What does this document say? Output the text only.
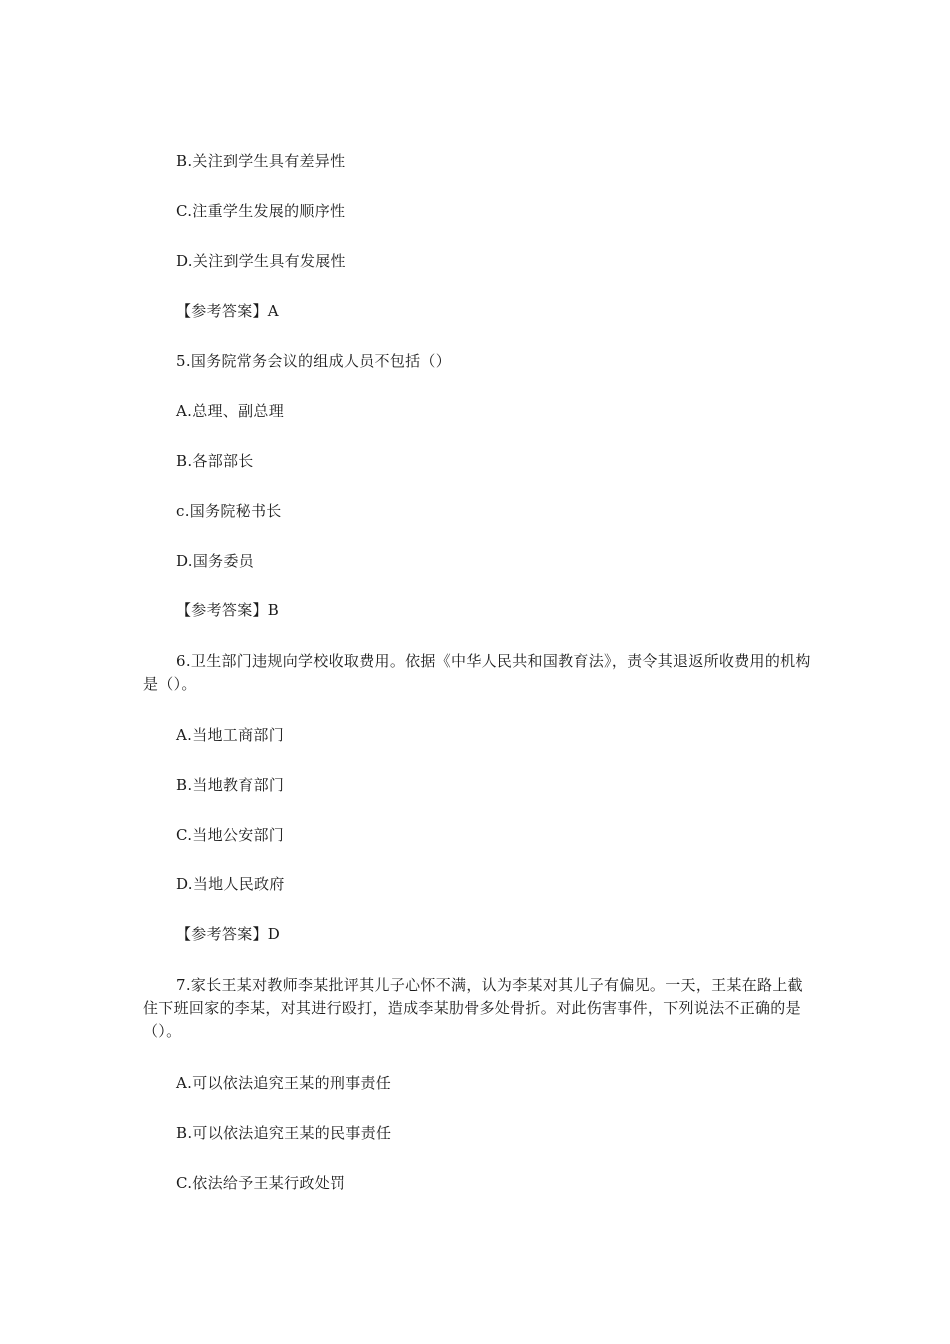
B.关注到学生具有差异性
C.注重学生发展的顺序性
D.关注到学生具有发展性
【参考答案】A
5.国务院常务会议的组成人员不包括（）
A.总理、副总理
B.各部部长
c.国务院秘书长
D.国务委员
【参考答案】B
6.卫生部门违规向学校收取费用。依据《中华人民共和国教育法》，责令其退返所收费用的机构是（）。
A.当地工商部门
B.当地教育部门
C.当地公安部门
D.当地人民政府
【参考答案】D
7.家长王某对教师李某批评其儿子心怀不满，认为李某对其儿子有偏见。一天，王某在路上截住下班回家的李某，对其进行殴打，造成李某肋骨多处骨折。对此伤害事件，下列说法不正确的是（）。
A.可以依法追究王某的刑事责任
B.可以依法追究王某的民事责任
C.依法给予王某行政处罚
